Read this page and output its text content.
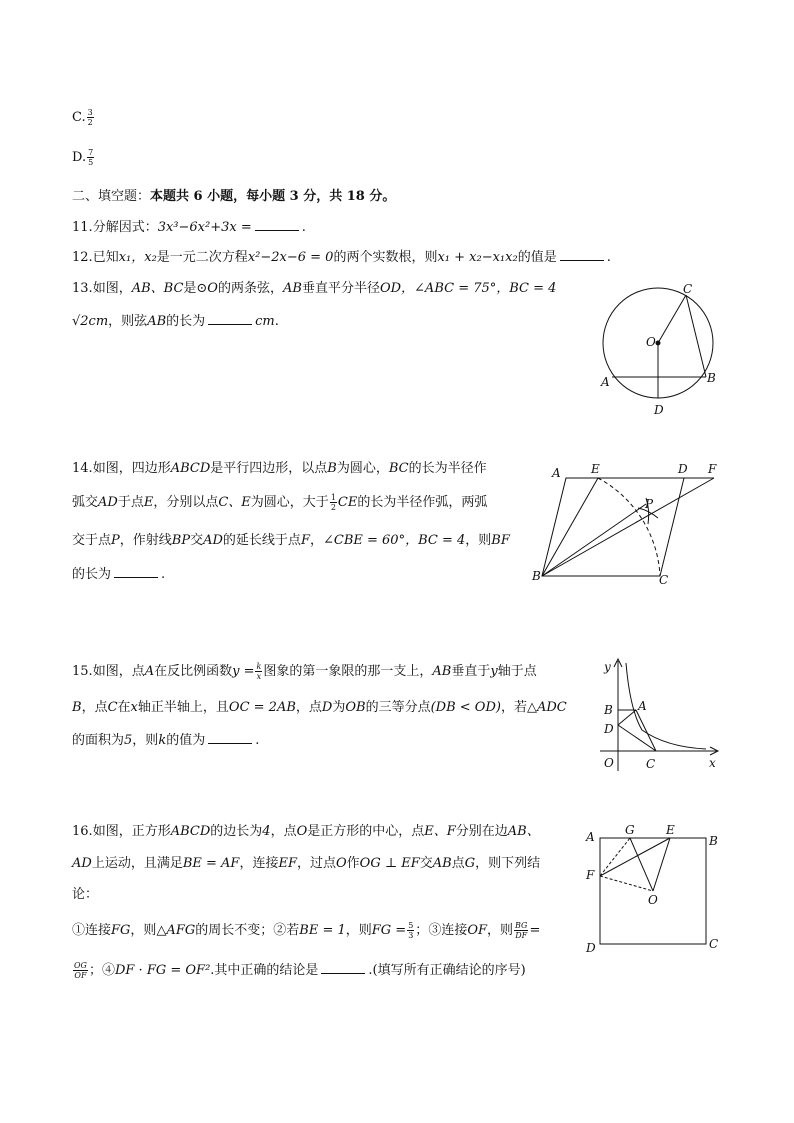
C. $\frac{3}{2}$
D. $\frac{7}{5}$
二、填空题：本题共 6 小题，每小题 3 分，共 18 分。
11.分解因式：3x³−6x²+3x =	.
12.已知x₁，x₂是一元二次方程x²−2x−6 = 0的两个实数根，则x₁ + x₂−x₁x₂的值是	.
13.如图，AB、BC是⊙O的两条弦，AB垂直平分半径OD，∠ABC = 75°，BC = 4
√2cm，则弦AB的长为	cm.
C
O
A	B
D
14.如图，四边形ABCD是平行四边形，以点B为圆心，BC的长为半径作
弧交AD于点E，分别以点C、E为圆心，大于 $\frac{1}{2}$ CE的长为半径作弧，两弧
交于点P，作射线BP交AD的延长线于点F，∠CBE = 60°，BC = 4，则BF
的长为	.
A	E	D F
P
B	C
15.如图，点A在反比例函数$y = \frac{k}{x}$ 图象的第一象限的那一支上，AB垂直于y轴于点
B，点C在x轴正半轴上，且OC = 2AB，点D为OB的三等分点(DB < OD)，若△ADC
的面积为5，则k的值为	.
y
x
A
B
D
O	C
16.如图，正方形ABCD的边长为4，点O是正方形的中心，点E、F分别在边AB、
AD上运动，且满足BE = AF，连接EF，过点O作OG ⊥ EF交AB点G，则下列结
论：
①连接FG，则△AFG的周长不变；②若BE = 1，则FG = $\frac{5}{3}$ ；③连接OF，则 $\frac{BG}{DF}$ =
$\frac{OG}{OF}$ ；④DF · FG = OF².其中正确的结论是	.(填写所有正确结论的序号)
A	G	E
B
F
O
D	C
